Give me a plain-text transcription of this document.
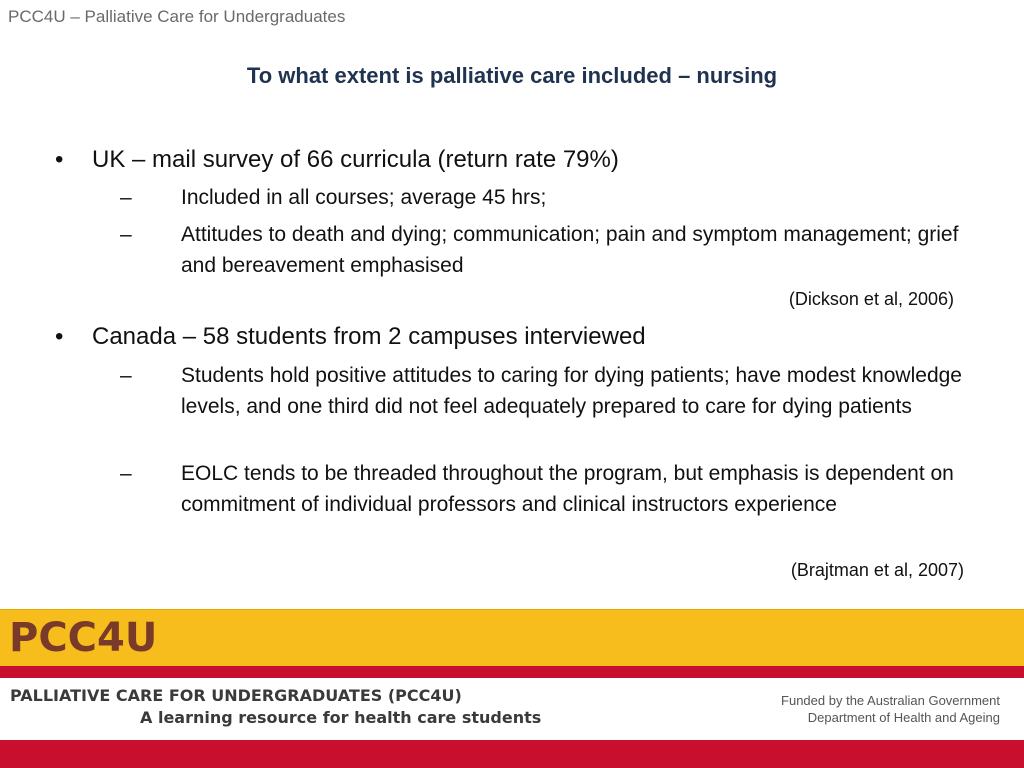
PCC4U – Palliative Care for Undergraduates
To what extent is palliative care included – nursing
• UK – mail survey of 66 curricula (return rate 79%)
– Included in all courses; average 45 hrs;
– Attitudes to death and dying; communication; pain and symptom management; grief and bereavement emphasised
(Dickson et al, 2006)
• Canada – 58 students from 2 campuses interviewed
– Students hold positive attitudes to caring for dying patients; have modest knowledge levels, and one third did not feel adequately prepared to care for dying patients
– EOLC tends to be threaded throughout the program, but emphasis is dependent on commitment of individual professors and clinical instructors experience
(Brajtman et al, 2007)
PCC4U
PALLIATIVE CARE FOR UNDERGRADUATES (PCC4U)
A learning resource for health care students
Funded by the Australian Government
Department of Health and Ageing
